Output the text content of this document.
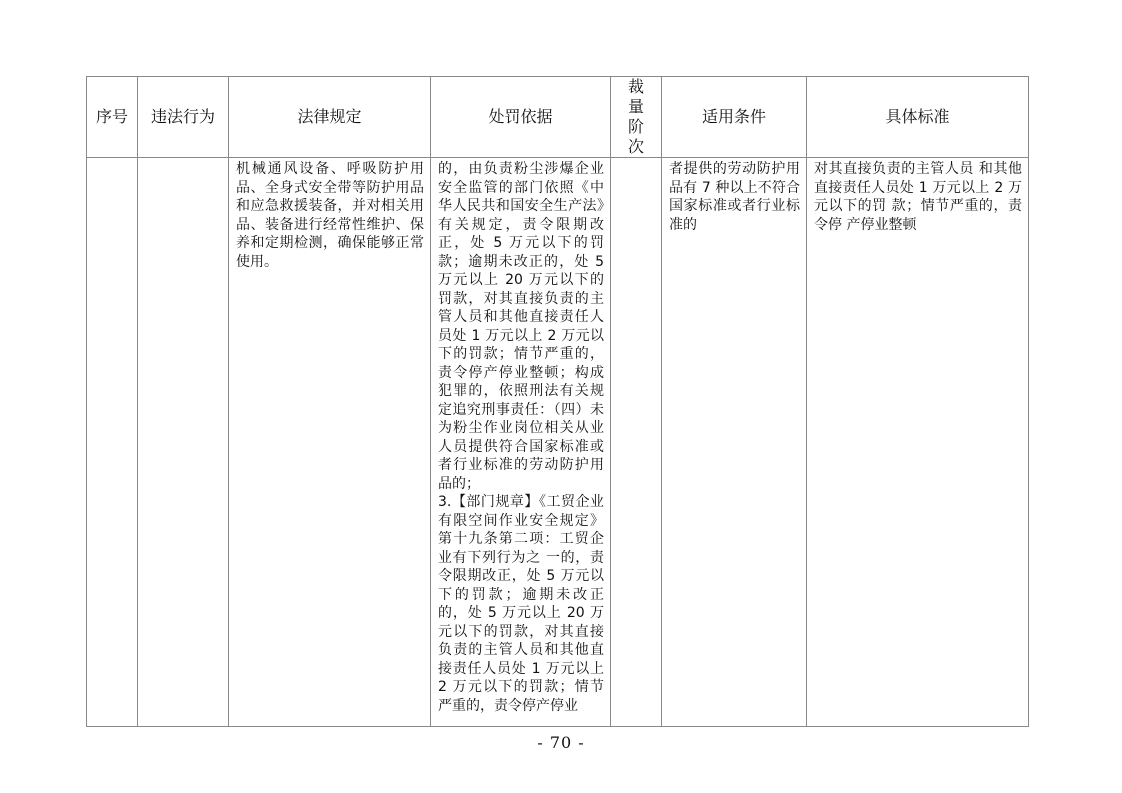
序号	违法行为	法律规定	处罚依据	裁量阶次	适用条件	具体标准

		机械通风设备、呼吸防护用品、全身式安全带等防护用品和应急救援装备，并对相关用品、装备进行经常性维护、保养和定期检测，确保能够正常使用。	的，由负责粉尘涉爆企业安全监管的部门依照《中华人民共和国安全生产法》有关规定，责令限期改正，处 5 万元以下的罚款；逾期未改正的，处 5 万元以上 20 万元以下的罚款，对其直接负责的主管人员和其他直接责任人员处 1 万元以上 2 万元以下的罚款；情节严重的，责令停产停业整顿；构成犯罪的，依照刑法有关规定追究刑事责任：（四）未为粉尘作业岗位相关从业人员提供符合国家标准或者行业标准的劳动防护用品的；
3.【部门规章】《工贸企业有限空间作业安全规定》第十九条第二项：工贸企业有下列行为之 一的，责令限期改正，处 5 万元以下的罚款；逾期未改正的，处 5 万元以上 20 万元以下的罚款，对其直接负责的主管人员和其他直接责任人员处 1 万元以上 2 万元以下的罚款；情节严重的，责令停产停业		者提供的劳动防护用品有 7 种以上不符合国家标准或者行业标准的	对其直接负责的主管人员 和其他直接责任人员处 1 万元以上 2 万元以下的罚 款；情节严重的，责令停 产停业整顿
- 70 -
